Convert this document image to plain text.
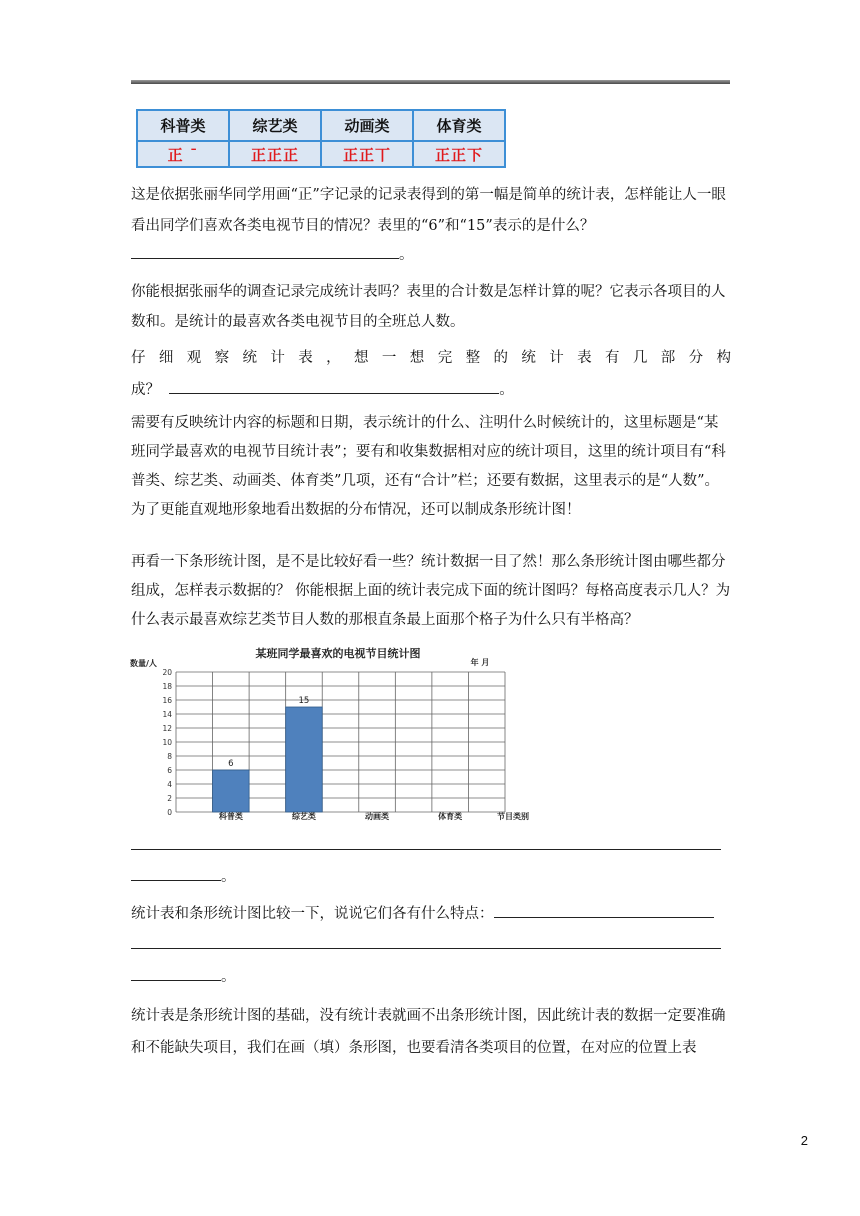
科普类	综艺类	动画类	体育类
正 ¯	正正正	正正丅	正正下

这是依据张丽华同学用画“正”字记录的记录表得到的第一幅是简单的统计表，怎样能让人一眼看出同学们喜欢各类电视节目的情况？表里的“6”和“15”表示的是什么？

。

你能根据张丽华的调查记录完成统计表吗？表里的合计数是怎样计算的呢？它表示各项目的人数和。是统计的最喜欢各类电视节目的全班总人数。

仔细观察统计表，想一想完整的统计表有几部分构

成？	。

需要有反映统计内容的标题和日期，表示统计的什么、注明什么时候统计的，这里标题是“某班同学最喜欢的电视节目统计表”；要有和收集数据相对应的统计项目，这里的统计项目有“科普类、综艺类、动画类、体育类”几项，还有“合计”栏；还要有数据，这里表示的是“人数”。为了更能直观地形象地看出数据的分布情况，还可以制成条形统计图！

再看一下条形统计图，是不是比较好看一些？统计数据一目了然！那么条形统计图由哪些都分组成，怎样表示数据的？ 你能根据上面的统计表完成下面的统计图吗？每格高度表示几人？为什么表示最喜欢综艺类节目人数的那根直条最上面那个格子为什么只有半格高？

某班同学最喜欢的电视节目统计图
年 月
数量/人
节目类别
0
2
4
6
8
10
12
14
16
18
20
6
科普类
15
综艺类	动画类	体育类
。
统计表和条形统计图比较一下，说说它们各有什么特点：
。

统计表是条形统计图的基础，没有统计表就画不出条形统计图，因此统计表的数据一定要准确和不能缺失项目，我们在画（填）条形图，也要看清各类项目的位置，在对应的位置上表

2
